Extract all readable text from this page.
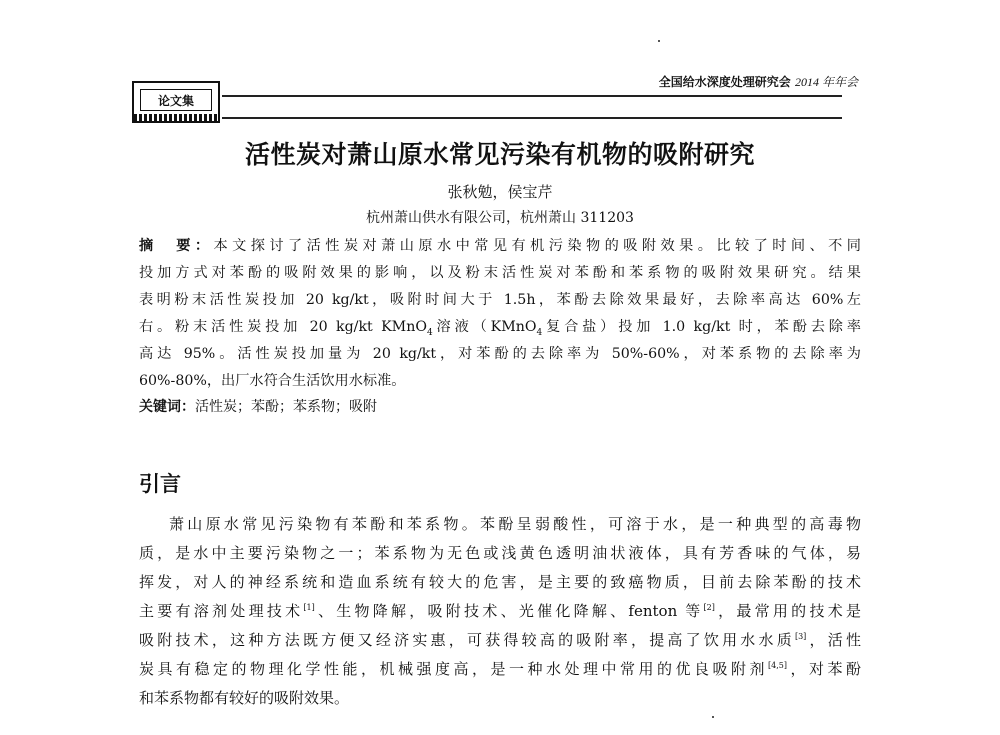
论文集
全国给水深度处理研究会 2014 年年会
活性炭对萧山原水常见污染有机物的吸附研究
张秋勉，侯宝芹
杭州萧山供水有限公司，杭州萧山 311203
摘　要：本文探讨了活性炭对萧山原水中常见有机污染物的吸附效果。比较了时间、不同
投加方式对苯酚的吸附效果的影响，以及粉末活性炭对苯酚和苯系物的吸附效果研究。结果
表明粉末活性炭投加 20 kg/kt，吸附时间大于 1.5h，苯酚去除效果最好，去除率高达 60%左
右。粉末活性炭投加 20 kg/kt KMnO$_4$溶液（KMnO$_4$复合盐）投加 1.0 kg/kt 时，苯酚去除率
高达 95%。活性炭投加量为 20 kg/kt，对苯酚的去除率为 50%-60%，对苯系物的去除率为
60%-80%，出厂水符合生活饮用水标准。
关键词：活性炭；苯酚；苯系物；吸附
引言
萧山原水常见污染物有苯酚和苯系物。苯酚呈弱酸性，可溶于水，是一种典型的高毒物
质，是水中主要污染物之一；苯系物为无色或浅黄色透明油状液体，具有芳香味的气体，易
挥发，对人的神经系统和造血系统有较大的危害，是主要的致癌物质，目前去除苯酚的技术
主要有溶剂处理技术[1]、生物降解，吸附技术、光催化降解、fenton 等[2]，最常用的技术是
吸附技术，这种方法既方便又经济实惠，可获得较高的吸附率，提高了饮用水水质[3]，活性
炭具有稳定的物理化学性能，机械强度高，是一种水处理中常用的优良吸附剂[4,5]，对苯酚
和苯系物都有较好的吸附效果。
